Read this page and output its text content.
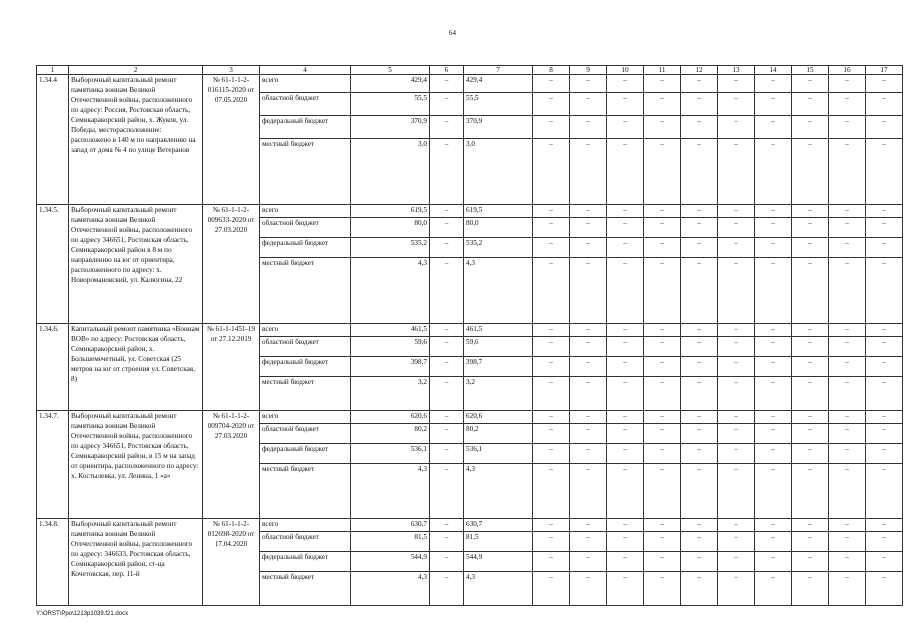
64
1	2	3	4	5	6	7	8	9	10	11	12	13	14	15	16	17
1.34.4	Выборочный капитальный ремонт памятника воинам Великой Отечественной войны, расположенного по адресу: Россия, Ростовская область, Семикаракорский район, х. Жуков, ул. Победы, месторасположение: расположено в 140 м по направлению на запад от дома № 4 по улице Ветеранов	№ 61-1-1-2-016115-2020 от 07.05.2020	всего	429,4	–	429,4	–	–	–	–	–	–	–	–	–	–
			областной бюджет	55,5	–	55,5	–	–	–	–	–	–	–	–	–	–
			федеральный бюджет	370,9	–	370,9	–	–	–	–	–	–	–	–	–	–
			местный бюджет	3,0	–	3,0	–	–	–	–	–	–	–	–	–	–
1.34.5.	Выборочный капитальный ремонт памятника воинам Великой Отечественной войны, расположенного по адресу 346651, Ростовская область, Семикаракорский район в 8 м по направлению на юг от ориентира, расположенного по адресу: х. Новоромановский, ул. Калюгина, 22	№ 61-1-1-2-009633-2020 от 27.03.2020	всего	619,5	–	619,5	–	–	–	–	–	–	–	–	–	–
			областной бюджет	80,0	–	80,0	–	–	–	–	–	–	–	–	–	–
			федеральный бюджет	535,2	–	535,2	–	–	–	–	–	–	–	–	–	–
			местный бюджет	4,3	–	4,3	–	–	–	–	–	–	–	–	–	–
1.34.6.	Капитальный ремонт памятника «Воинам ВОВ» по адресу: Ростовская область, Семикаракорский район, х. Большемечетный, ул. Советская (25 метров на юг от строения ул. Советская, 8)	№ 61-1-1451-19 от 27.12.2019	всего	461,5	–	461,5	–	–	–	–	–	–	–	–	–	–
			областной бюджет	59,6	–	59,6	–	–	–	–	–	–	–	–	–	–
			федеральный бюджет	398,7	–	398,7	–	–	–	–	–	–	–	–	–	–
			местный бюджет	3,2	–	3,2	–	–	–	–	–	–	–	–	–	–
1.34.7.	Выборочный капитальный ремонт памятника воинам Великой Отечественной войны, расположенного по адресу 346651, Ростовская область, Семикаракорский район, в 15 м на запад от ориентира, расположенного по адресу: х. Костылевка, ул. Ленина, 1 «а»	№ 61-1-1-2-009704-2020 от 27.03.2020	всего	620,6	–	620,6	–	–	–	–	–	–	–	–	–	–
			областной бюджет	80,2	–	80,2	–	–	–	–	–	–	–	–	–	–
			федеральный бюджет	536,1	–	536,1	–	–	–	–	–	–	–	–	–	–
			местный бюджет	4,3	–	4,3	–	–	–	–	–	–	–	–	–	–
1.34.8.	Выборочный капитальный ремонт памятника воинам Великой Отечественной войны, расположенного по адресу: 346633, Ростовская область, Семикаракорский район, ст-ца Кочетовская, пер. 11-й	№ 61-1-1-2-012698-2020 от 17.04.2020	всего	630,7	–	630,7	–	–	–	–	–	–	–	–	–	–
			областной бюджет	81,5	–	81,5	–	–	–	–	–	–	–	–	–	–
			федеральный бюджет	544,9	–	544,9	–	–	–	–	–	–	–	–	–	–
			местный бюджет	4,3	–	4,3	–	–	–	–	–	–	–	–	–	–
Y:\ORST\Ppo\1213p1039.f21.docx
